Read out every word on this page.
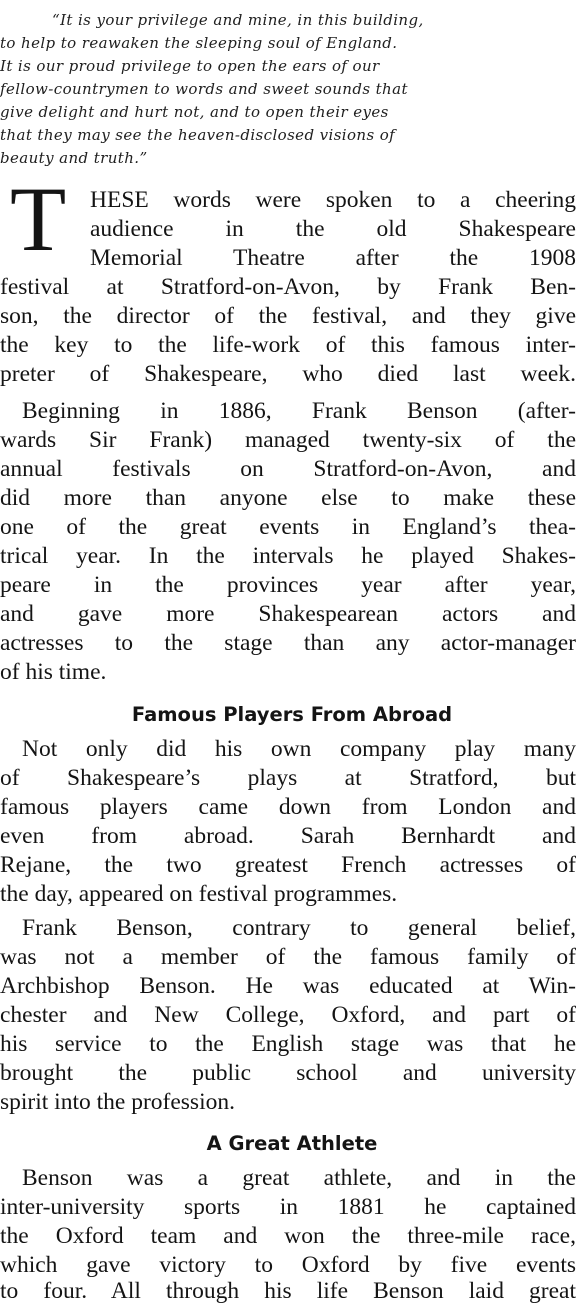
“It is your privilege and mine, in this building,
to help to reawaken the sleeping soul of England.
It is our proud privilege to open the ears of our
fellow-countrymen to words and sweet sounds that
give delight and hurt not, and to open their eyes
that they may see the heaven-disclosed visions of
beauty and truth.”
T HESE words were spoken to a cheering
audience in the old Shakespeare
Memorial Theatre after the 1908
festival at Stratford-on-Avon, by Frank Ben-
son, the director of the festival, and they give
the key to the life-work of this famous inter-
preter of Shakespeare, who died last week.
Beginning in 1886, Frank Benson (after-
wards Sir Frank) managed twenty-six of the
annual festivals on Stratford-on-Avon, and
did more than anyone else to make these
one of the great events in England’s thea-
trical year. In the intervals he played Shakes-
peare in the provinces year after year,
and gave more Shakespearean actors and
actresses to the stage than any actor-manager
of his time.
Famous Players From Abroad
Not only did his own company play many
of Shakespeare’s plays at Stratford, but
famous players came down from London and
even from abroad. Sarah Bernhardt and
Rejane, the two greatest French actresses of
the day, appeared on festival programmes.
Frank Benson, contrary to general belief,
was not a member of the famous family of
Archbishop Benson. He was educated at Win-
chester and New College, Oxford, and part of
his service to the English stage was that he
brought the public school and university
spirit into the profession.
A Great Athlete
Benson was a great athlete, and in the
inter-university sports in 1881 he captained
the Oxford team and won the three-mile race,
which gave victory to Oxford by five events
to four. All through his life Benson laid great
